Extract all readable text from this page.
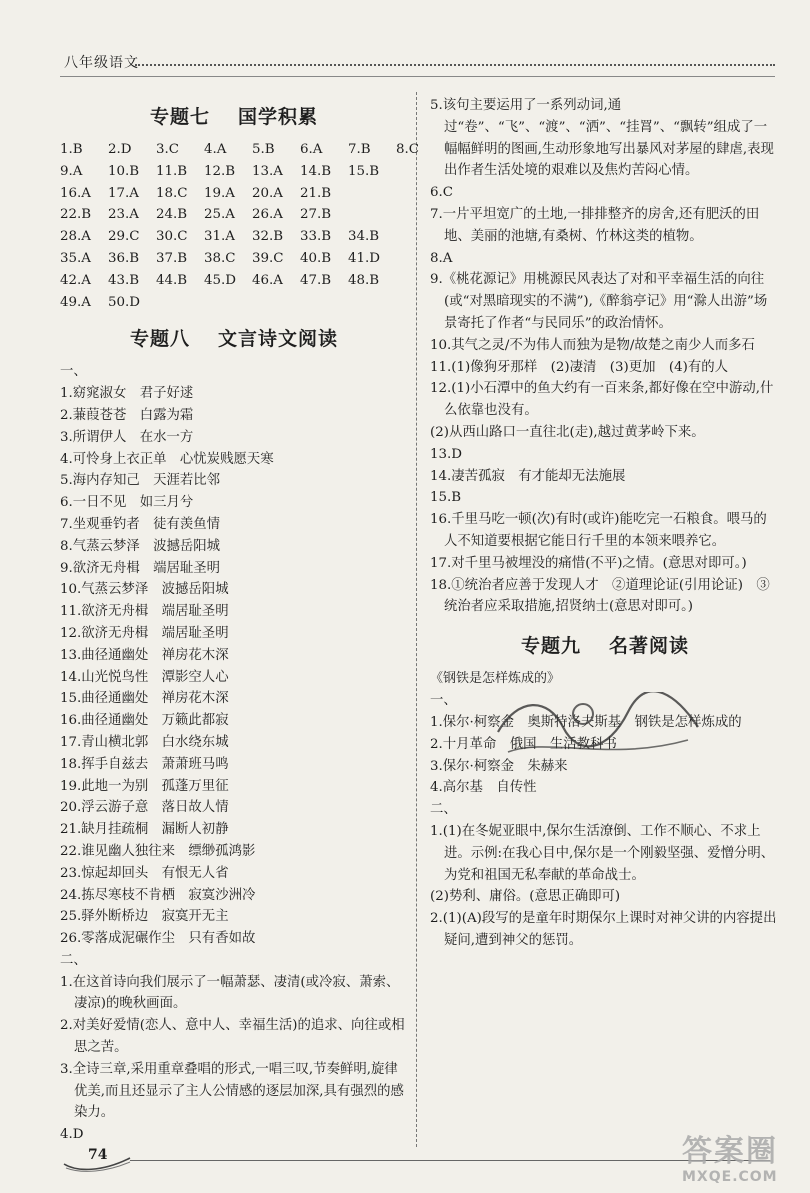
八年级语文
专题七 国学积累
1.B 2.D 3.C 4.A 5.B 6.A 7.B 8.C
9.A 10.B 11.B 12.B 13.A 14.B 15.B
16.A 17.A 18.C 19.A 20.A 21.B
22.B 23.A 24.B 25.A 26.A 27.B
28.A 29.C 30.C 31.A 32.B 33.B 34.B
35.A 36.B 37.B 38.C 39.C 40.B 41.D
42.A 43.B 44.B 45.D 46.A 47.B 48.B
49.A 50.D
专题八 文言诗文阅读
一、
1.窈窕淑女　君子好逑
2.蒹葭苍苍　白露为霜
3.所谓伊人　在水一方
4.可怜身上衣正单　心忧炭贱愿天寒
5.海内存知己　天涯若比邻
6.一日不见　如三月兮
7.坐观垂钓者　徒有羡鱼情
8.气蒸云梦泽　波撼岳阳城
9.欲济无舟楫　端居耻圣明
10.气蒸云梦泽　波撼岳阳城
11.欲济无舟楫　端居耻圣明
12.欲济无舟楫　端居耻圣明
13.曲径通幽处　禅房花木深
14.山光悦鸟性　潭影空人心
15.曲径通幽处　禅房花木深
16.曲径通幽处　万籁此都寂
17.青山横北郭　白水绕东城
18.挥手自兹去　萧萧班马鸣
19.此地一为别　孤蓬万里征
20.浮云游子意　落日故人情
21.缺月挂疏桐　漏断人初静
22.谁见幽人独往来　缥缈孤鸿影
23.惊起却回头　有恨无人省
24.拣尽寒枝不肯栖　寂寞沙洲冷
25.驿外断桥边　寂寞开无主
26.零落成泥碾作尘　只有香如故
二、
1.在这首诗向我们展示了一幅萧瑟、凄清(或冷寂、萧索、凄凉)的晚秋画面。
2.对美好爱情(恋人、意中人、幸福生活)的追求、向往或相思之苦。
3.全诗三章,采用重章叠唱的形式,一唱三叹,节奏鲜明,旋律优美,而且还显示了主人公情感的逐层加深,具有强烈的感染力。
4.D
5.该句主要运用了一系列动词,通过“卷”、“飞”、“渡”、“洒”、“挂罥”、“飘转”组成了一幅幅鲜明的图画,生动形象地写出暴风对茅屋的肆虐,表现出作者生活处境的艰难以及焦灼苦闷心情。
6.C
7.一片平坦宽广的土地,一排排整齐的房舍,还有肥沃的田地、美丽的池塘,有桑树、竹林这类的植物。
8.A
9.《桃花源记》用桃源民风表达了对和平幸福生活的向往(或“对黑暗现实的不满”),《醉翁亭记》用“滁人出游”场景寄托了作者“与民同乐”的政治情怀。
10.其气之灵/不为伟人而独为是物/故楚之南少人而多石
11.(1)像狗牙那样　(2)凄清　(3)更加　(4)有的人
12.(1)小石潭中的鱼大约有一百来条,都好像在空中游动,什么依靠也没有。
(2)从西山路口一直往北(走),越过黄茅岭下来。
13.D
14.凄苦孤寂　有才能却无法施展
15.B
16.千里马吃一顿(次)有时(或许)能吃完一石粮食。喂马的人不知道要根据它能日行千里的本领来喂养它。
17.对千里马被埋没的痛惜(不平)之情。(意思对即可。)
18.①统治者应善于发现人才　②道理论证(引用论证)　③统治者应采取措施,招贤纳士(意思对即可。)
专题九 名著阅读
《钢铁是怎样炼成的》
一、
1.保尔·柯察金　奥斯特洛夫斯基　钢铁是怎样炼成的
2.十月革命　俄国　生活教科书
3.保尔·柯察金　朱赫来
4.高尔基　自传性
二、
1.(1)在冬妮亚眼中,保尔生活潦倒、工作不顺心、不求上进。示例:在我心目中,保尔是一个刚毅坚强、爱憎分明、为党和祖国无私奉献的革命战士。
(2)势利、庸俗。(意思正确即可)
2.(1)(A)段写的是童年时期保尔上课时对神父讲的内容提出疑问,遭到神父的惩罚。
74	答案圈
MXQE.COM
